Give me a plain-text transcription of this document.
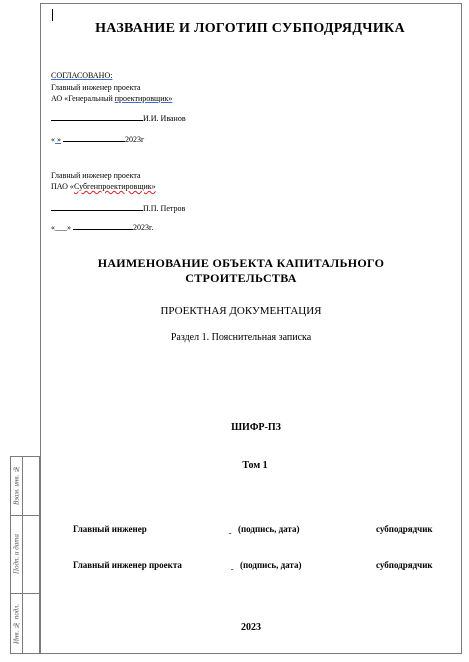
Взам. инв. №
Подп. и дата
Инв. № подл.
НАЗВАНИЕ И ЛОГОТИП СУБПОДРЯДЧИКА
СОГЛАСОВАНО:
Главный инженер проекта
АО «Генеральный проектировщик»
И.И. Иванов
« »	2023г
Главный инженер проекта
ПАО «Субгенпроектировщик»
П.П. Петров
«___»	2023г.
НАИМЕНОВАНИЕ ОБЪЕКТА КАПИТАЛЬНОГО СТРОИТЕЛЬСТВА
ПРОЕКТНАЯ ДОКУМЕНТАЦИЯ
Раздел 1. Пояснительная записка
ШИФР-ПЗ
Том 1
Главный инженер	(подпись, дата)	субподрядчик
Главный инженер проекта	(подпись, дата)	субподрядчик
2023
